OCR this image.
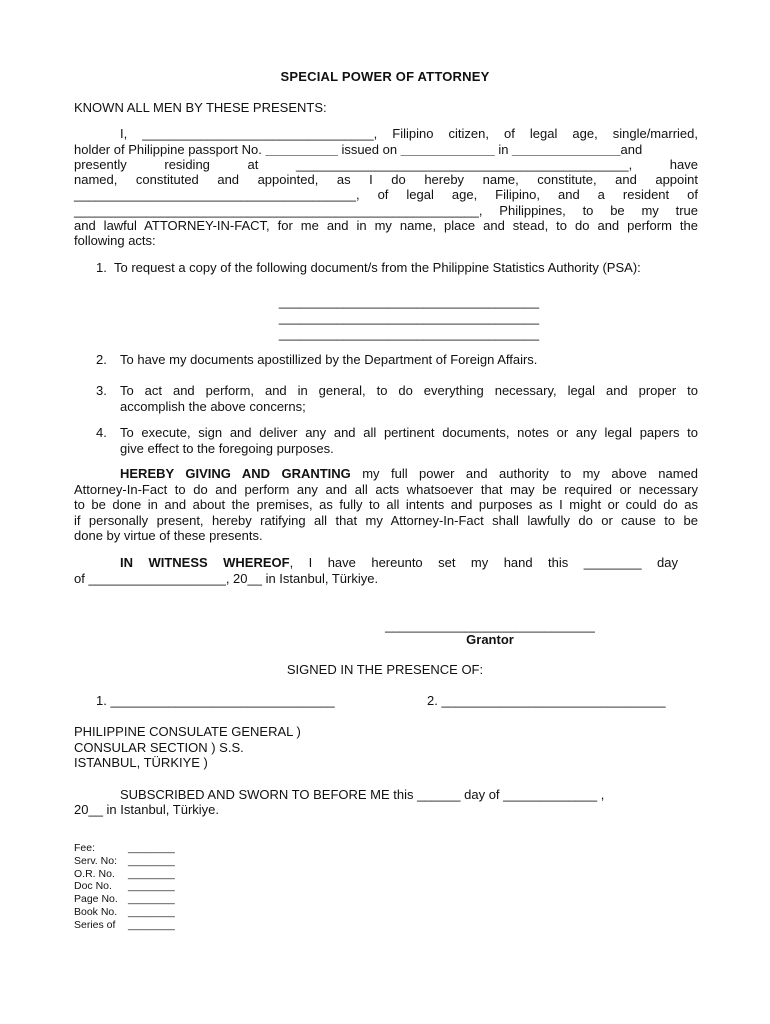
SPECIAL POWER OF ATTORNEY
KNOWN ALL MEN BY THESE PRESENTS:
I, ________________________________, Filipino citizen, of legal age, single/married,
holder of Philippine passport No. __________ issued on _____________ in _______________and
presently residing at ______________________________________________, have
named, constituted and appointed, as I do hereby name, constitute, and appoint
_______________________________________, of legal age, Filipino, and a resident of
________________________________________________________, Philippines, to be my true
and lawful ATTORNEY-IN-FACT, for me and in my name, place and stead, to do and perform the
following acts:
1. To request a copy of the following document/s from the Philippine Statistics Authority (PSA):
____________________________________
____________________________________
____________________________________
2. To have my documents apostillized by the Department of Foreign Affairs.
3. To act and perform, and in general, to do everything necessary, legal and proper to
accomplish the above concerns;
4. To execute, sign and deliver any and all pertinent documents, notes or any legal papers to
give effect to the foregoing purposes.
HEREBY GIVING AND GRANTING my full power and authority to my above named
Attorney-In-Fact to do and perform any and all acts whatsoever that may be required or necessary
to be done in and about the premises, as fully to all intents and purposes as I might or could do as
if personally present, hereby ratifying all that my Attorney-In-Fact shall lawfully do or cause to be
done by virtue of these presents.
IN WITNESS WHEREOF, I have hereunto set my hand this ________ day
of ___________________, 20__ in Istanbul, Türkiye.
_____________________________
Grantor
SIGNED IN THE PRESENCE OF:
1. _______________________________	2. _______________________________
PHILIPPINE CONSULATE GENERAL )
CONSULAR SECTION ) S.S.
ISTANBUL, TÜRKIYE )
SUBSCRIBED AND SWORN TO BEFORE ME this ______ day of _____________ ,
20__ in Istanbul, Türkiye.
Fee:	________
Serv. No: ________
O.R. No. ________
Doc No. ________
Page No. ________
Book No. ________
Series of ________
